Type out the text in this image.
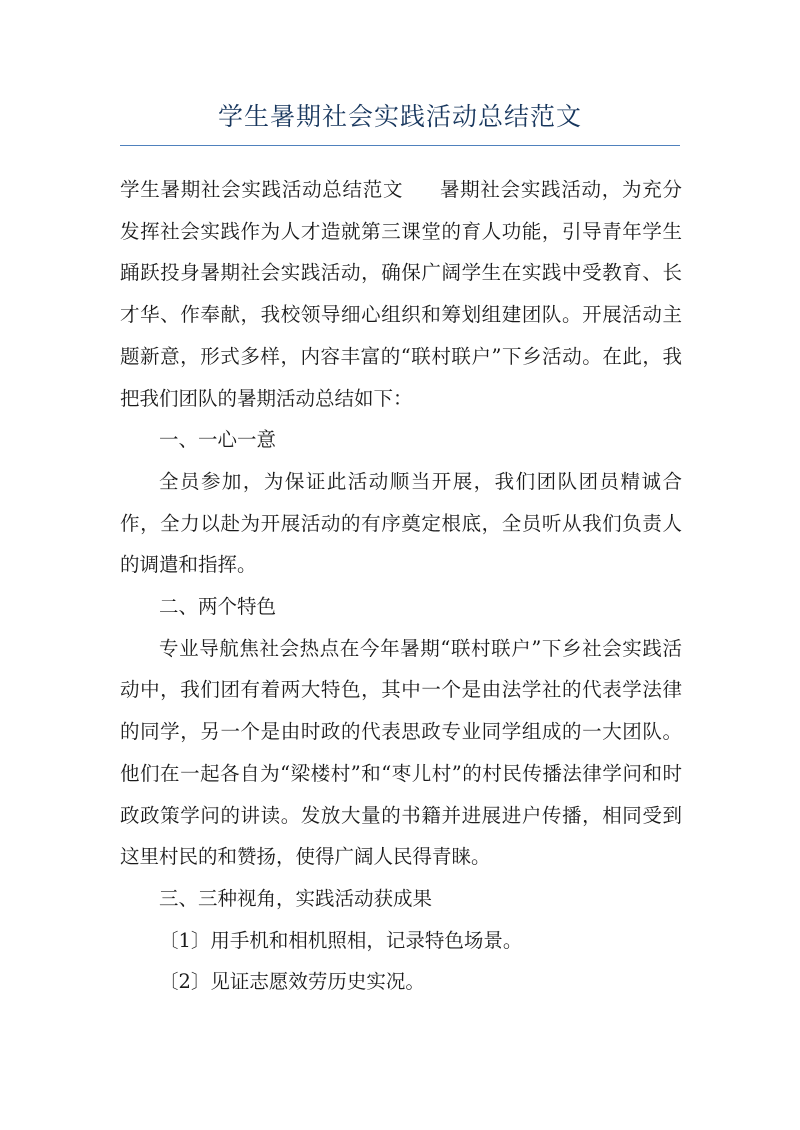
学生暑期社会实践活动总结范文

学生暑期社会实践活动总结范文 暑期社会实践活动，为充分发挥社会实践作为人才造就第三课堂的育人功能，引导青年学生踊跃投身暑期社会实践活动，确保广阔学生在实践中受教育、长才华、作奉献，我校领导细心组织和筹划组建团队。开展活动主题新意，形式多样，内容丰富的“联村联户”下乡活动。在此，我把我们团队的暑期活动总结如下：

一、一心一意

全员参加，为保证此活动顺当开展，我们团队团员精诚合作，全力以赴为开展活动的有序奠定根底，全员听从我们负责人的调遣和指挥。

二、两个特色

专业导航焦社会热点在今年暑期“联村联户”下乡社会实践活动中，我们团有着两大特色，其中一个是由法学社的代表学法律的同学，另一个是由时政的代表思政专业同学组成的一大团队。他们在一起各自为“梁楼村”和“枣儿村”的村民传播法律学问和时政政策学问的讲读。发放大量的书籍并进展进户传播，相同受到这里村民的和赞扬，使得广阔人民得青睐。

三、三种视角，实践活动获成果

〔1〕用手机和相机照相，记录特色场景。

〔2〕见证志愿效劳历史实况。
